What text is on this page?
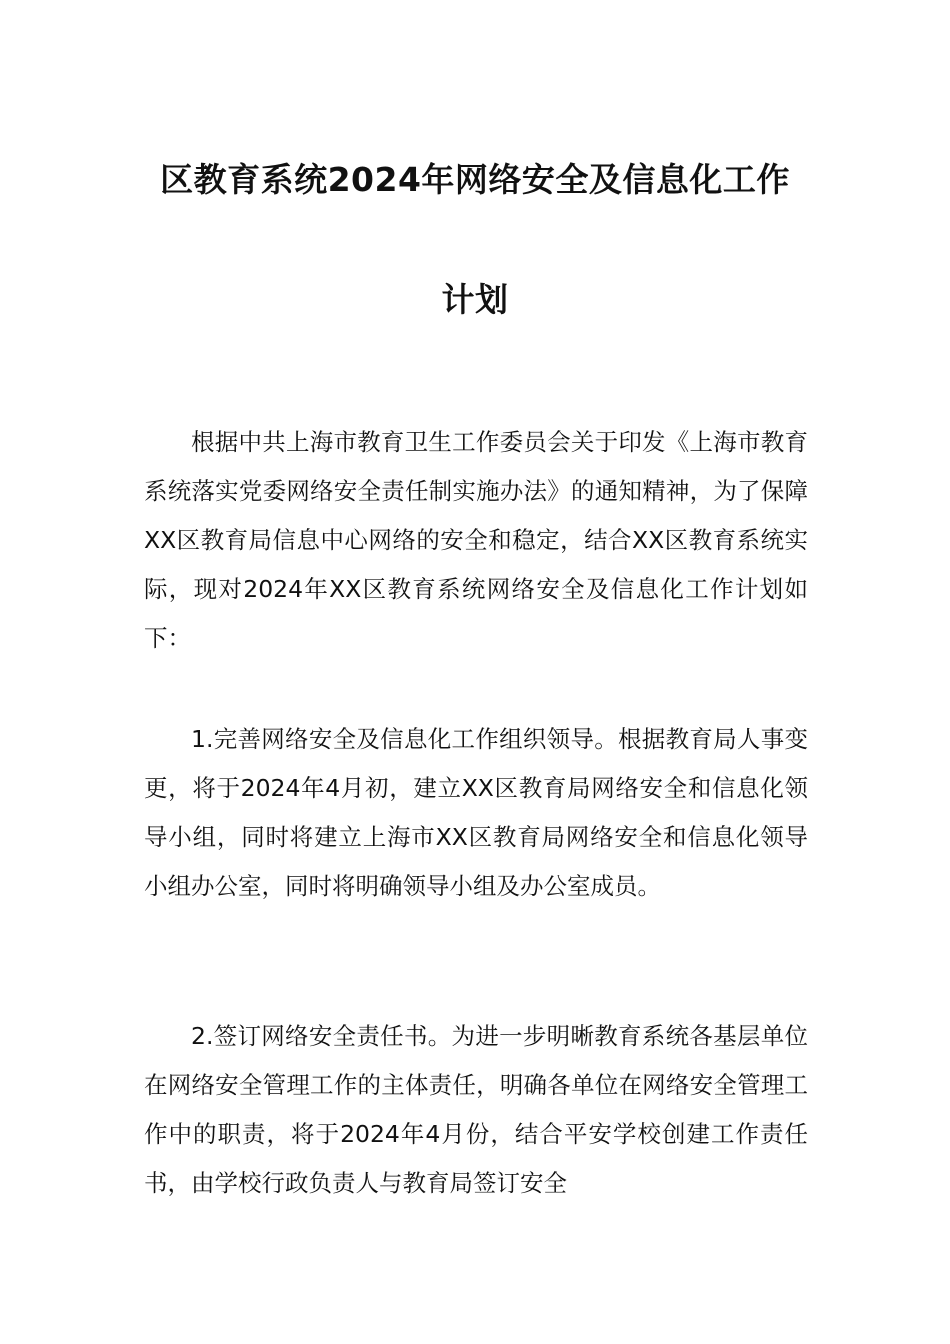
区教育系统2024年网络安全及信息化工作
计划

根据中共上海市教育卫生工作委员会关于印发《上海市教育系统落实党委网络安全责任制实施办法》的通知精神，为了保障XX区教育局信息中心网络的安全和稳定，结合XX区教育系统实际，现对2024年XX区教育系统网络安全及信息化工作计划如下：

1.完善网络安全及信息化工作组织领导。根据教育局人事变更，将于2024年4月初，建立XX区教育局网络安全和信息化领导小组，同时将建立上海市XX区教育局网络安全和信息化领导小组办公室，同时将明确领导小组及办公室成员。

2.签订网络安全责任书。为进一步明晰教育系统各基层单位在网络安全管理工作的主体责任，明确各单位在网络安全管理工作中的职责，将于2024年4月份，结合平安学校创建工作责任书，由学校行政负责人与教育局签订安全
